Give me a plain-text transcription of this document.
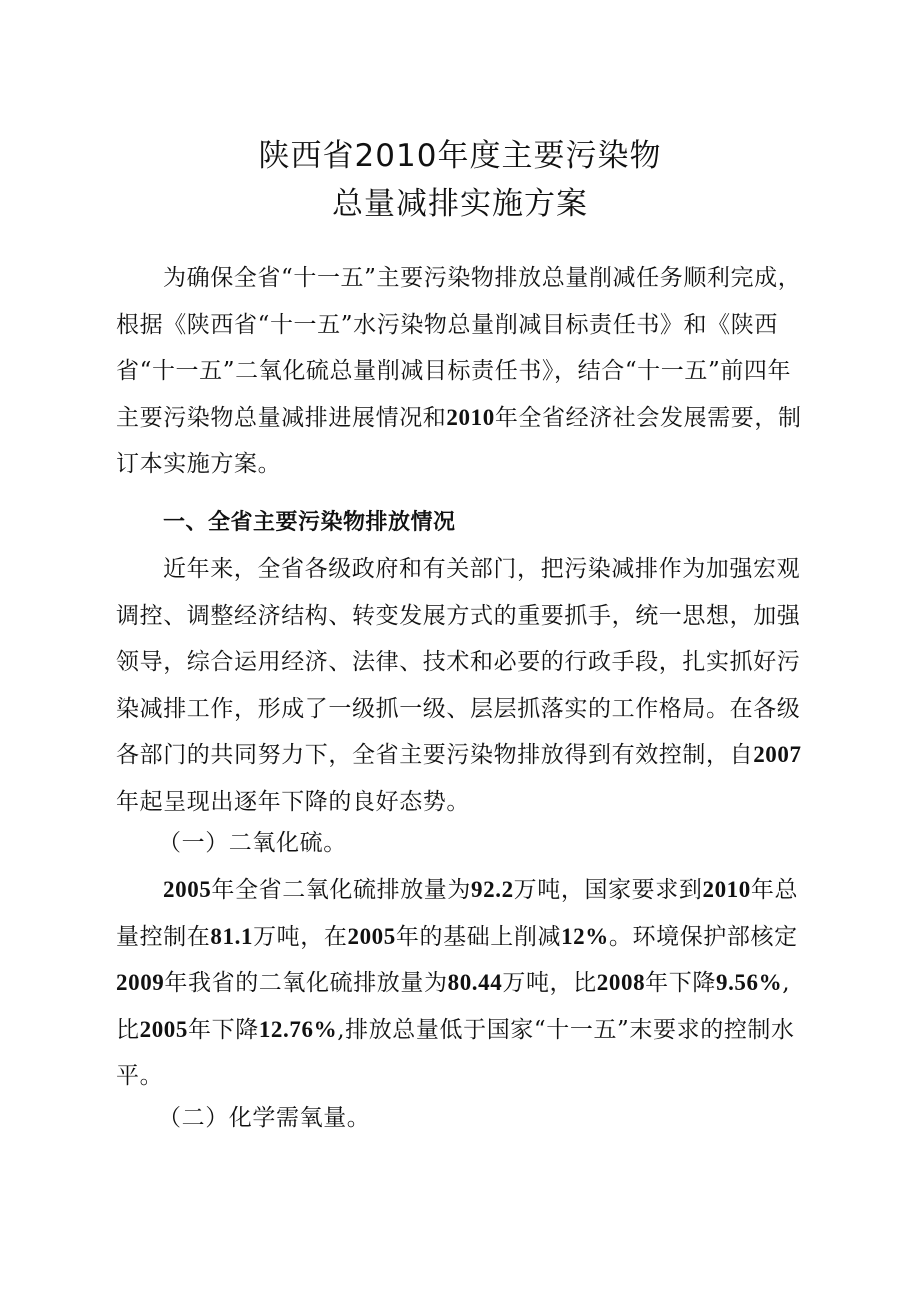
陕西省2010年度主要污染物
总量减排实施方案

为确保全省“十一五”主要污染物排放总量削减任务顺利完成，根据《陕西省“十一五”水污染物总量削减目标责任书》和《陕西省“十一五”二氧化硫总量削减目标责任书》，结合“十一五”前四年主要污染物总量减排进展情况和2010年全省经济社会发展需要，制订本实施方案。

一、全省主要污染物排放情况

近年来，全省各级政府和有关部门，把污染减排作为加强宏观调控、调整经济结构、转变发展方式的重要抓手，统一思想，加强领导，综合运用经济、法律、技术和必要的行政手段，扎实抓好污染减排工作，形成了一级抓一级、层层抓落实的工作格局。在各级各部门的共同努力下，全省主要污染物排放得到有效控制，自2007年起呈现出逐年下降的良好态势。

（一）二氧化硫。

2005年全省二氧化硫排放量为92.2万吨，国家要求到2010年总量控制在81.1万吨，在2005年的基础上削减12%。环境保护部核定2009年我省的二氧化硫排放量为80.44万吨，比2008年下降9.56%,比2005年下降12.76%,排放总量低于国家“十一五”末要求的控制水平。

（二）化学需氧量。
